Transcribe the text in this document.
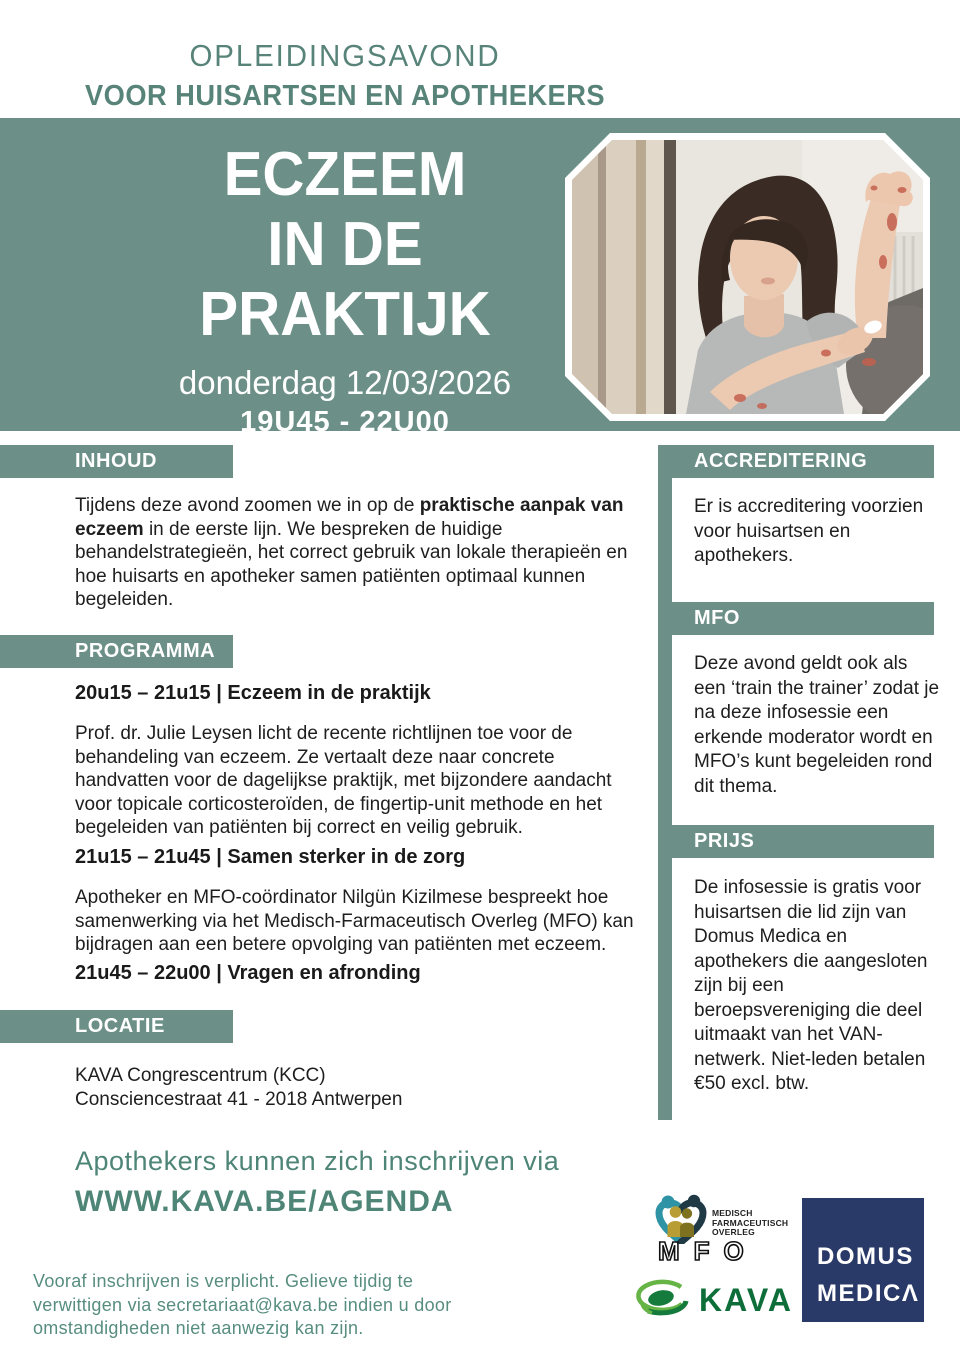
OPLEIDINGSAVOND
VOOR HUISARTSEN EN APOTHEKERS
ECZEEM
IN DE
PRAKTIJK
donderdag 12/03/2026
19U45 - 22U00
INHOUD
Tijdens deze avond zoomen we in op de praktische aanpak van eczeem in de eerste lijn. We bespreken de huidige behandelstrategieën, het correct gebruik van lokale therapieën en hoe huisarts en apotheker samen patiënten optimaal kunnen begeleiden.
PROGRAMMA
20u15 – 21u15 | Eczeem in de praktijk
Prof. dr. Julie Leysen licht de recente richtlijnen toe voor de behandeling van eczeem. Ze vertaalt deze naar concrete handvatten voor de dagelijkse praktijk, met bijzondere aandacht voor topicale corticosteroïden, de fingertip-unit methode en het begeleiden van patiënten bij correct en veilig gebruik.
21u15 – 21u45 | Samen sterker in de zorg
Apotheker en MFO-coördinator Nilgün Kizilmese bespreekt hoe samenwerking via het Medisch-Farmaceutisch Overleg (MFO) kan bijdragen aan een betere opvolging van patiënten met eczeem.
21u45 – 22u00 | Vragen en afronding
LOCATIE
KAVA Congrescentrum (KCC)
Consciencestraat 41 - 2018 Antwerpen
ACCREDITERING
Er is accreditering voorzien voor huisartsen en apothekers.
MFO
Deze avond geldt ook als een ‘train the trainer’ zodat je na deze infosessie een erkende moderator wordt en MFO’s kunt begeleiden rond dit thema.
PRIJS
De infosessie is gratis voor huisartsen die lid zijn van Domus Medica en apothekers die aangesloten zijn bij een beroepsvereniging die deel uitmaakt van het VAN-netwerk. Niet-leden betalen €50 excl. btw.
Apothekers kunnen zich inschrijven via
WWW.KAVA.BE/AGENDA
Vooraf inschrijven is verplicht. Gelieve tijdig te
verwittigen via secretariaat@kava.be indien u door
omstandigheden niet aanwezig kan zijn.
MEDISCH
FARMACEUTISCH
OVERLEG
MFO
KAVA
DOMUS
MEDICΛ
